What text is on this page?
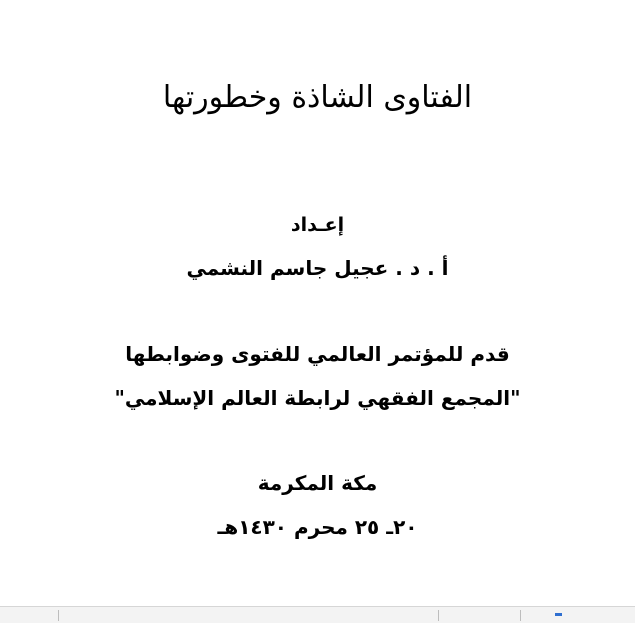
الفتاوى الشاذة وخطورتها
إعـداد
أ . د . عجيل جاسم النشمي
قدم للمؤتمر العالمي للفتوى وضوابطها
"المجمع الفقهي لرابطة العالم الإسلامي"
مكة المكرمة
٢٠ـ ٢٥ محرم ١٤٣٠هـ
